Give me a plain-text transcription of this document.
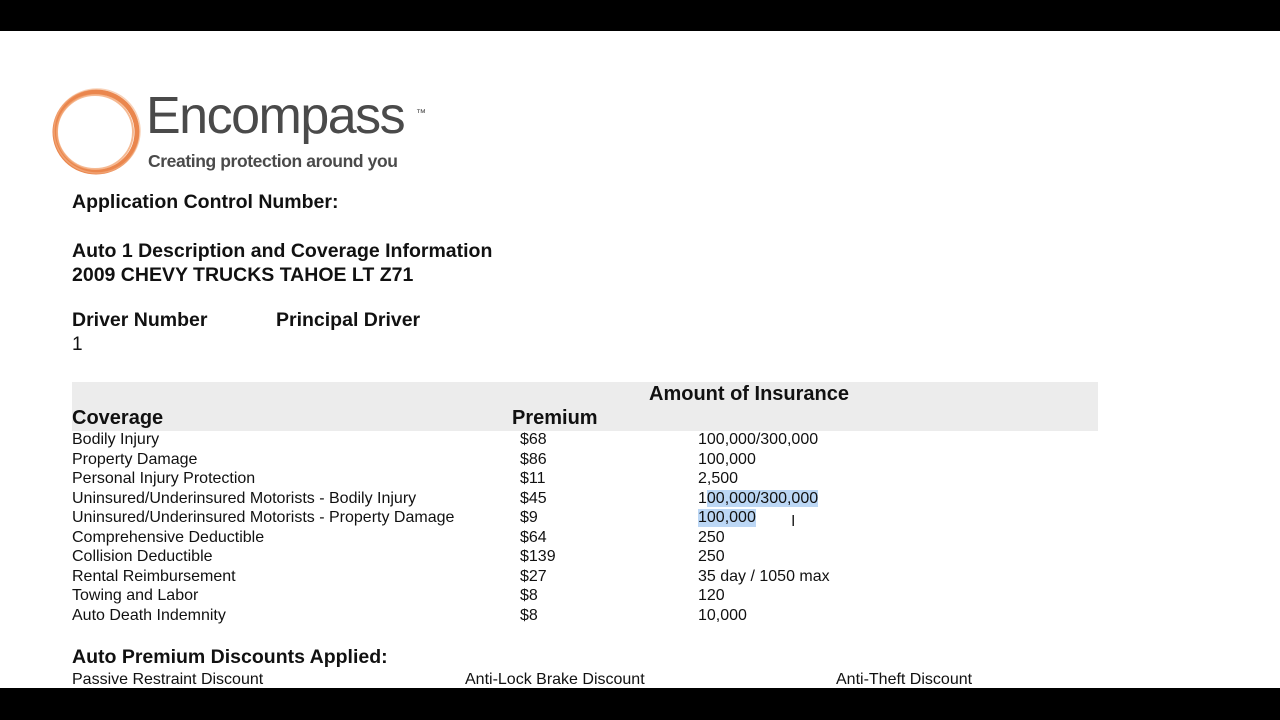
Encompass ™
Creating protection around you
Application Control Number:
Auto 1 Description and Coverage Information
2009 CHEVY TRUCKS TAHOE LT Z71
Driver Number	Principal Driver
1
Amount of Insurance
Coverage	Premium
Bodily Injury	$68	100,000/300,000
Property Damage	$86	100,000
Personal Injury Protection	$11	2,500
Uninsured/Underinsured Motorists - Bodily Injury	$45	100,000/300,000
Uninsured/Underinsured Motorists - Property Damage	$9	100,000
Comprehensive Deductible	$64	250
Collision Deductible	$139	250
Rental Reimbursement	$27	35 day / 1050 max
Towing and Labor	$8	120
Auto Death Indemnity	$8	10,000
I
Auto Premium Discounts Applied:
Passive Restraint Discount	Anti-Lock Brake Discount	Anti-Theft Discount
